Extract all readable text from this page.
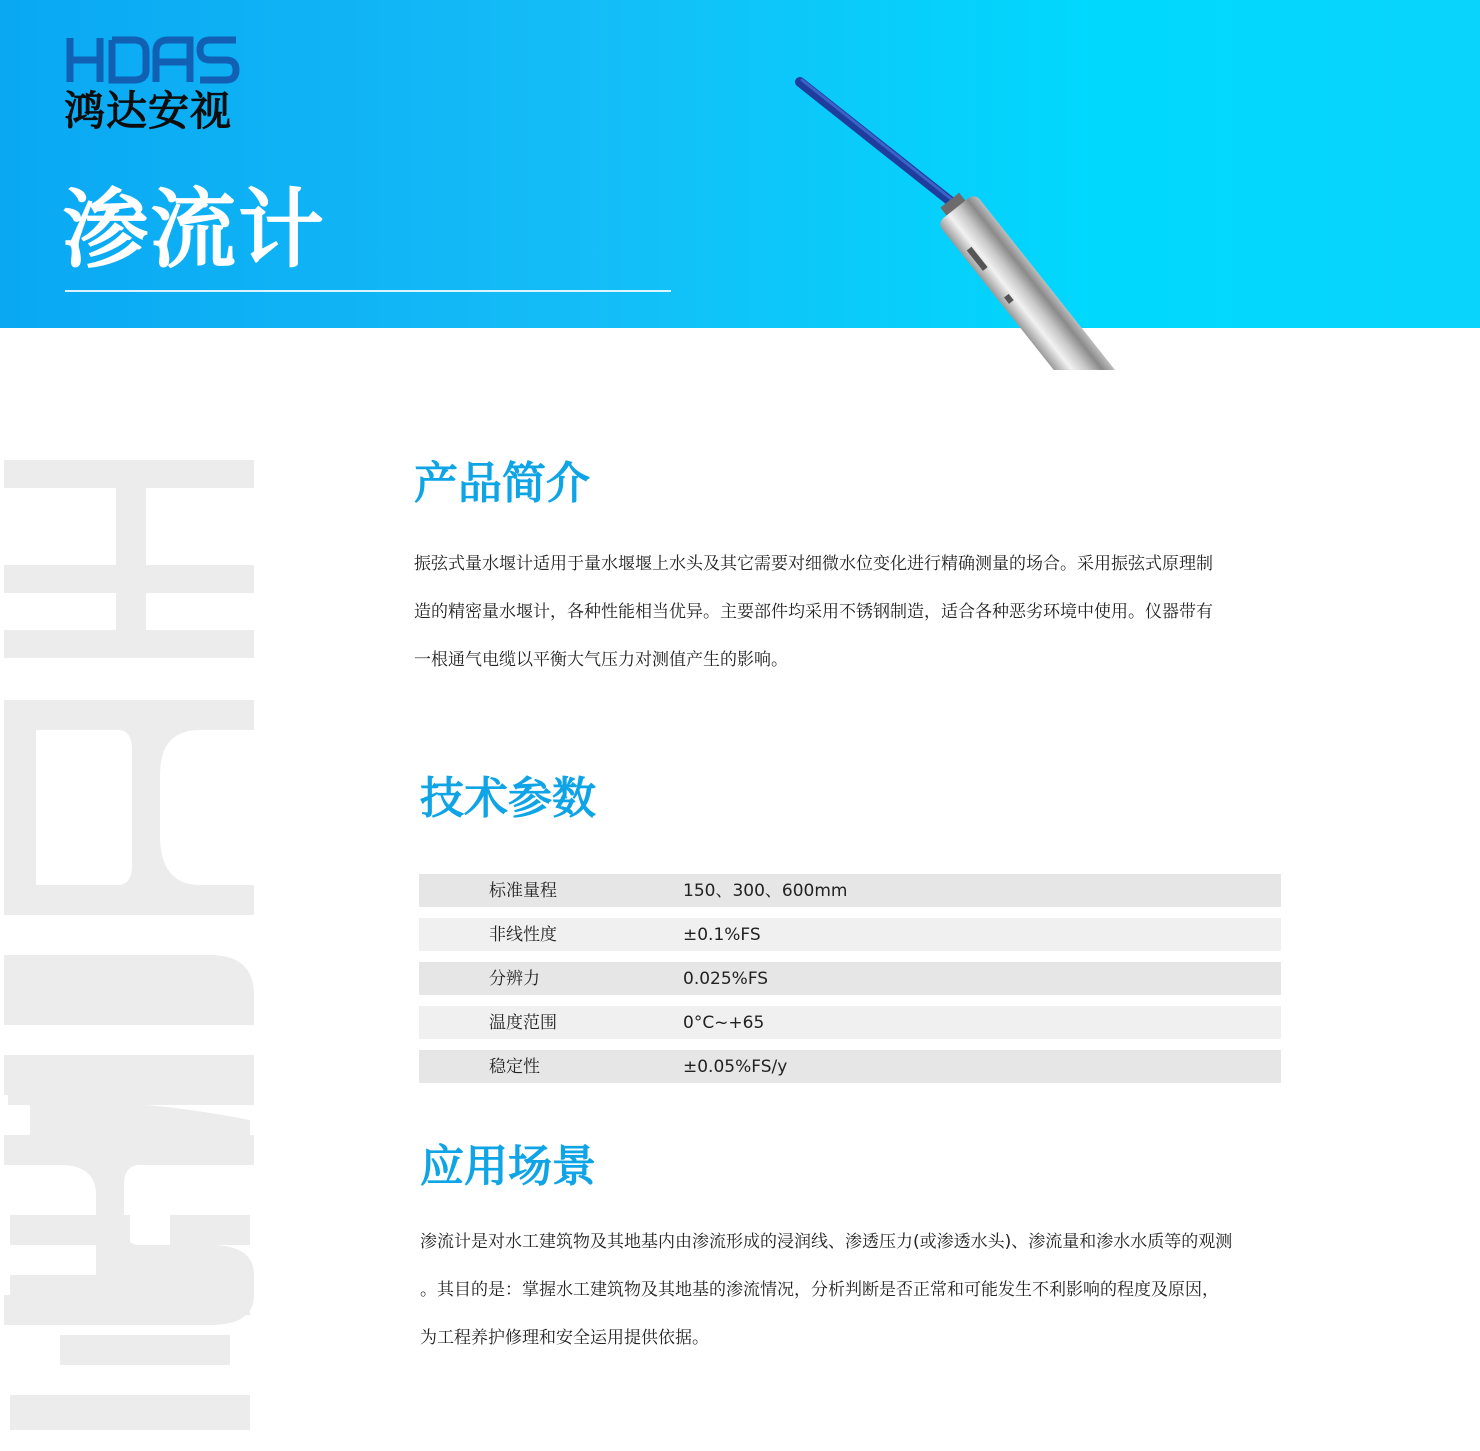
鸿达安视
渗流计
产品简介
振弦式量水堰计适用于量水堰堰上水头及其它需要对细微水位变化进行精确测量的场合。采用振弦式原理制
造的精密量水堰计，各种性能相当优异。主要部件均采用不锈钢制造，适合各种恶劣环境中使用。仪器带有
一根通气电缆以平衡大气压力对测值产生的影响。
技术参数
标准量程	150、300、600mm
非线性度	±0.1%FS
分辨力	0.025%FS
温度范围	0°C~+65
稳定性	±0.05%FS/y
应用场景
渗流计是对水工建筑物及其地基内由渗流形成的浸润线、渗透压力(或渗透水头)、渗流量和渗水水质等的观测
。其目的是：掌握水工建筑物及其地基的渗流情况，分析判断是否正常和可能发生不利影响的程度及原因，
为工程养护修理和安全运用提供依据。
